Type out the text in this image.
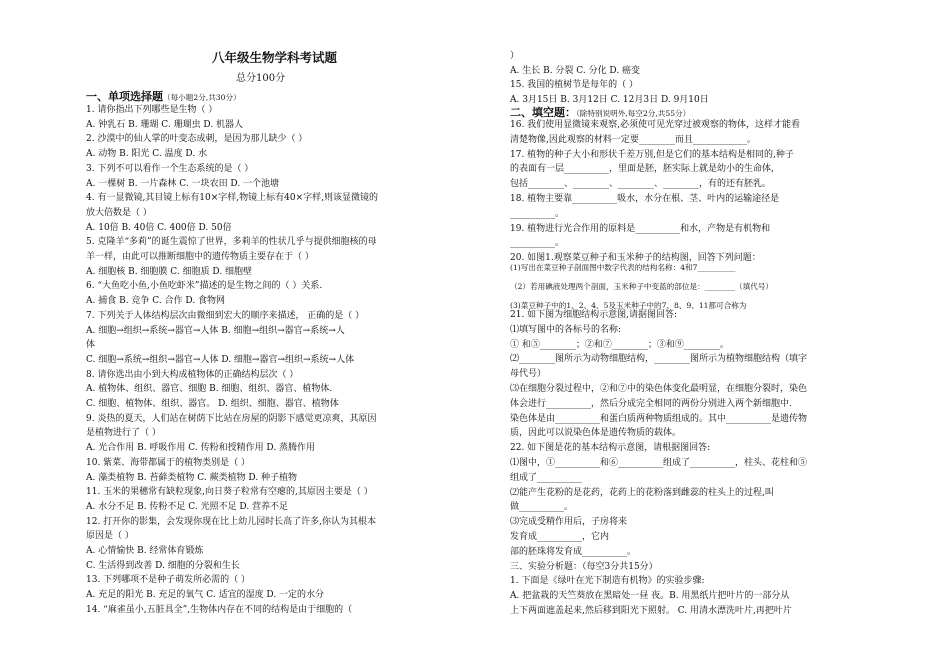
八年级生物学科考试题
总分100分
一、单项选择题（每小题2分,共30分）
1. 请你指出下列哪些是生物（ ）
A. 钟乳石 B. 珊瑚 C. 珊瑚虫 D. 机器人
2. 沙漠中的仙人掌的叶变态成刺，是因为那儿缺少（ ）
A. 动物 B. 阳光 C. 温度 D. 水
3. 下列不可以看作一个生态系统的是（ ）
A. 一棵树 B. 一片森林 C. 一块农田 D. 一个池塘
4. 有一显微镜,其目镜上标有10×字样,物镜上标有40×字样,则该显微镜的
放大倍数是（ ）
A. 10倍 B. 40倍 C. 400倍 D. 50倍
5. 克隆羊“多莉”的诞生震惊了世界，多莉羊的性状几乎与提供细胞核的母
羊一样，由此可以推断细胞中的遗传物质主要存在于（ ）
A. 细胞核 B. 细胞膜 C. 细胞质 D. 细胞壁
6. “大鱼吃小鱼,小鱼吃虾米”描述的是生物之间的（ ）关系.
A. 捕食 B. 竞争 C. 合作 D. 食物网
7. 下列关于人体结构层次由微细到宏大的顺序来描述， 正确的是（ ）
A. 细胞→组织→系统→器官→人体 B. 细胞→组织→器官→系统→人
体
C. 细胞→系统→组织→器官→人体 D. 细胞→器官→组织→系统→人体
8. 请你选出由小到大构成植物体的正确结构层次（ ）
A. 植物体、组织、器官、细胞 B. 细胞、组织、器官、植物体.
C. 细胞、植物体、组织、器官。 D. 组织、细胞、器官、植物体
9. 炎热的夏天，人们站在树荫下比站在房屋的阴影下感觉更凉爽，其原因
是植物进行了（ ）
A. 光合作用 B. 呼吸作用 C. 传粉和授精作用 D. 蒸腾作用
10. 紫菜、海带都属于的植物类别是（ ）
A. 藻类植物 B. 苔藓类植物 C. 蕨类植物 D. 种子植物
11. 玉米的果穗常有缺粒现象,向日葵子粒常有空瘪的,其原因主要是（ ）
A. 水分不足 B. 传粉不足 C. 光照不足 D. 营养不足
12. 打开你的影集，会发现你现在比上幼儿园时长高了许多,你认为其根本
原因是（ ）
A. 心情愉快 B. 经常体育锻炼
C. 生活得到改善 D. 细胞的分裂和生长
13. 下列哪项不是种子萌发所必需的（ ）
A. 充足的阳光 B. 充足的氧气 C. 适宜的湿度 D. 一定的水分
14. “麻雀虽小,五脏具全”,生物体内存在不同的结构是由于细胞的（
）
A. 生长 B. 分裂 C. 分化 D. 癌变
15. 我国的植树节是每年的（ ）
A. 3月15日 B. 3月12日 C. 12月3日 D. 9月10日
二、填空题：（除特别说明外,每空2分,共55分）
16. 我们使用显微镜来观察,必须使可见光穿过被观察的物体，这样才能看
清楚物像,因此观察的材料一定要________而且____________。
17. 植物的种子大小和形状千差万别,但是它们的基本结构是相同的,种子
的表面有一层__________，里面是胚，胚实际上就是幼小的生命体,
包括________、________、________、________，有的还有胚乳。
18. 植物主要靠__________吸水，水分在根、茎、叶内的运输途径是
__________。
19. 植物进行光合作用的原料是__________和水，产物是有机物和
__________。
20. 如图1.观察菜豆种子和玉米种子的结构图，回答下列问题：
(1)写出在菜豆种子剖面图中数字代表的结构名称：4和7__________
（2）若用碘液处理两个剖面，玉米种子中变蓝的部位是：________（填代号）
(3)菜豆种子中的1、2、4、5及玉米种子中的7、8、9、11都可合称为
21. 如下图为细胞结构示意图,请据图回答:
⑴填写图中的各标号的名称:
① 和⑤________；②和⑦________；③和⑨________。
⑵________图所示为动物细胞结构，________图所示为植物细胞结构（填字
母代号）
⑶在细胞分裂过程中，②和⑦中的染色体变化最明显，在细胞分裂时，染色
体会进行__________，然后分成完全相同的两份分别进入两个新细胞中.
染色体是由__________和蛋白质两种物质组成的。其中__________是遗传物
质，因此可以说染色体是遗传物质的载体。
22. 如下图是花的基本结构示意图，请根据图回答:
⑴图中，①__________和⑥__________组成了__________，柱头、花柱和⑤
组成了__________
⑵能产生花粉的是花药，花药上的花粉落到雌蕊的柱头上的过程,叫
做__________。
⑶完成受精作用后，子房将来
发育成__________，它内
部的胚珠将发育成__________。
三、实验分析题：（每空3分共15分）
1. 下面是《绿叶在光下制造有机物》的实验步骤:
A. 把盆栽的天竺葵放在黑暗处一昼 夜。B. 用黑纸片把叶片的一部分从
上下两面遮盖起来,然后移到阳光下照射。 C. 用清水漂洗叶片,再把叶片
